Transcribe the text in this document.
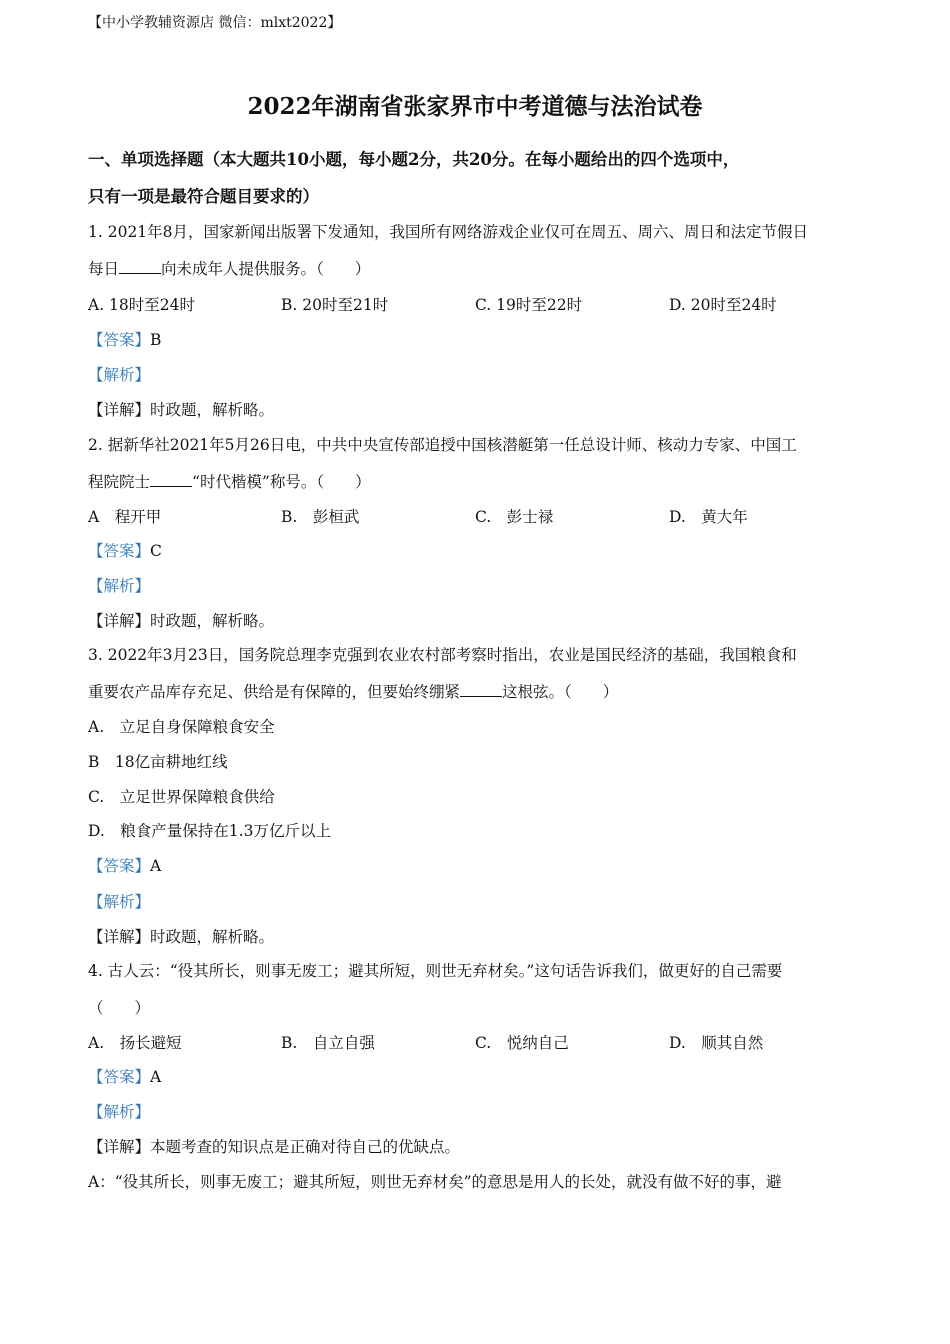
【中小学教辅资源店 微信：mlxt2022】
2022年湖南省张家界市中考道德与法治试卷
一、单项选择题（本大题共10小题，每小题2分，共20分。在每小题给出的四个选项中，
只有一项是最符合题目要求的）
1. 2021年8月，国家新闻出版署下发通知，我国所有网络游戏企业仅可在周五、周六、周日和法定节假日
每日	向未成年人提供服务。（　　）
A. 18时至24时	B. 20时至21时	C. 19时至22时	D. 20时至24时
【答案】B
【解析】
【详解】时政题，解析略。
2. 据新华社2021年5月26日电，中共中央宣传部追授中国核潜艇第一任总设计师、核动力专家、中国工
程院院士	“时代楷模”称号。（　　）
A　程开甲	B.　彭桓武	C.　彭士禄	D.　黄大年
【答案】C
【解析】
【详解】时政题，解析略。
3. 2022年3月23日，国务院总理李克强到农业农村部考察时指出，农业是国民经济的基础，我国粮食和
重要农产品库存充足、供给是有保障的，但要始终绷紧	这根弦。（　　）
A.　立足自身保障粮食安全
B　18亿亩耕地红线
C.　立足世界保障粮食供给
D.　粮食产量保持在1.3万亿斤以上
【答案】A
【解析】
【详解】时政题，解析略。
4. 古人云：“役其所长，则事无废工；避其所短，则世无弃材矣。”这句话告诉我们，做更好的自己需要
（　　）
A.　扬长避短	B.　自立自强	C.　悦纳自己	D.　顺其自然
【答案】A
【解析】
【详解】本题考查的知识点是正确对待自己的优缺点。
A：“役其所长，则事无废工；避其所短，则世无弃材矣”的意思是用人的长处，就没有做不好的事，避
